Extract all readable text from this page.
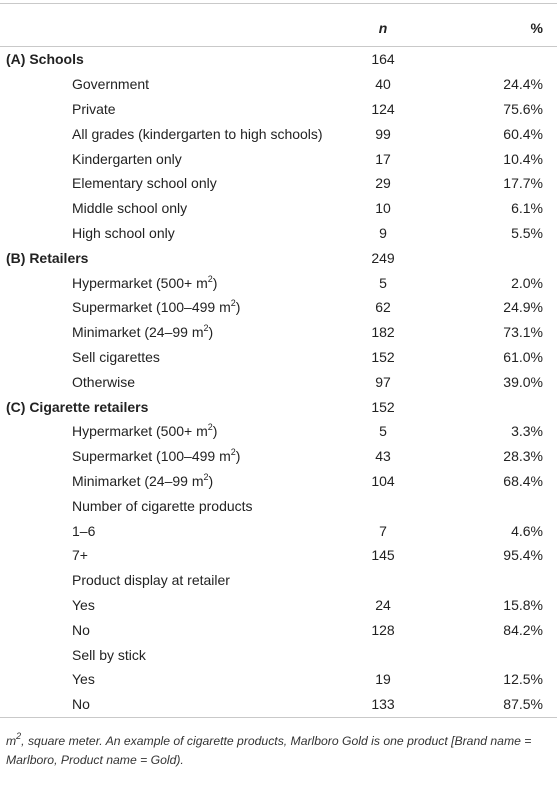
	n	%
(A) Schools	164	
Government	40	24.4%
Private	124	75.6%
All grades (kindergarten to high schools)	99	60.4%
Kindergarten only	17	10.4%
Elementary school only	29	17.7%
Middle school only	10	6.1%
High school only	9	5.5%
(B) Retailers	249	
Hypermarket $(500+ m^2)$	5	2.0%
Supermarket (100–499 $m^2$)	62	24.9%
Minimarket (24–99 $m^2$)	182	73.1%
Sell cigarettes	152	61.0%
Otherwise	97	39.0%
(C) Cigarette retailers	152	
Hypermarket $(500+ m^2)$	5	3.3%
Supermarket (100–499 $m^2$)	43	28.3%
Minimarket (24–99 $m^2$)	104	68.4%
Number of cigarette products		
1–6	7	4.6%
7+	145	95.4%
Product display at retailer		
Yes	24	15.8%
No	128	84.2%
Sell by stick		
Yes	19	12.5%
No	133	87.5%
$m^2$, square meter. An example of cigarette products, Marlboro Gold is one product [Brand name = Marlboro, Product name = Gold).
